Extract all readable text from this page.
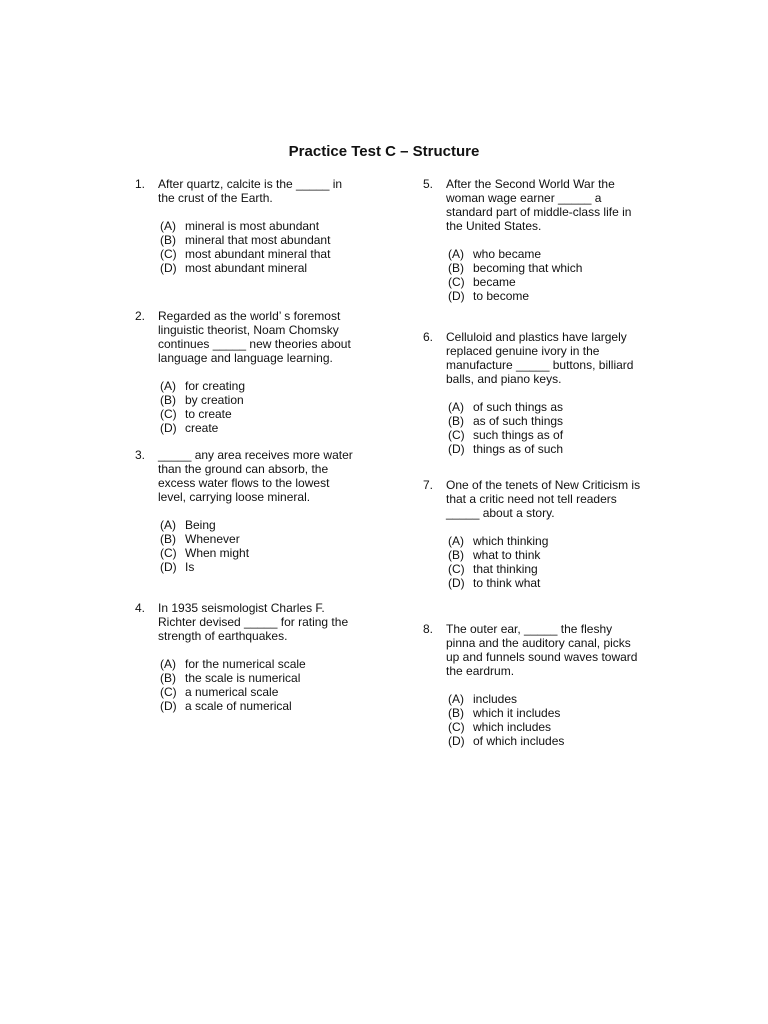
Practice Test C – Structure
1. After quartz, calcite is the _____ in
the crust of the Earth.
(A) mineral is most abundant
(B) mineral that most abundant
(C) most abundant mineral that
(D) most abundant mineral
2. Regarded as the world’ s foremost
linguistic theorist, Noam Chomsky
continues _____ new theories about
language and language learning.
(A) for creating
(B) by creation
(C) to create
(D) create
3. _____ any area receives more water
than the ground can absorb, the
excess water flows to the lowest
level, carrying loose mineral.
(A) Being
(B) Whenever
(C) When might
(D) Is
4. In 1935 seismologist Charles F.
Richter devised _____ for rating the
strength of earthquakes.
(A) for the numerical scale
(B) the scale is numerical
(C) a numerical scale
(D) a scale of numerical
5. After the Second World War the
woman wage earner _____ a
standard part of middle-class life in
the United States.
(A) who became
(B) becoming that which
(C) became
(D) to become
6. Celluloid and plastics have largely
replaced genuine ivory in the
manufacture _____ buttons, billiard
balls, and piano keys.
(A) of such things as
(B) as of such things
(C) such things as of
(D) things as of such
7. One of the tenets of New Criticism is
that a critic need not tell readers
_____ about a story.
(A) which thinking
(B) what to think
(C) that thinking
(D) to think what
8. The outer ear, _____ the fleshy
pinna and the auditory canal, picks
up and funnels sound waves toward
the eardrum.
(A) includes
(B) which it includes
(C) which includes
(D) of which includes
